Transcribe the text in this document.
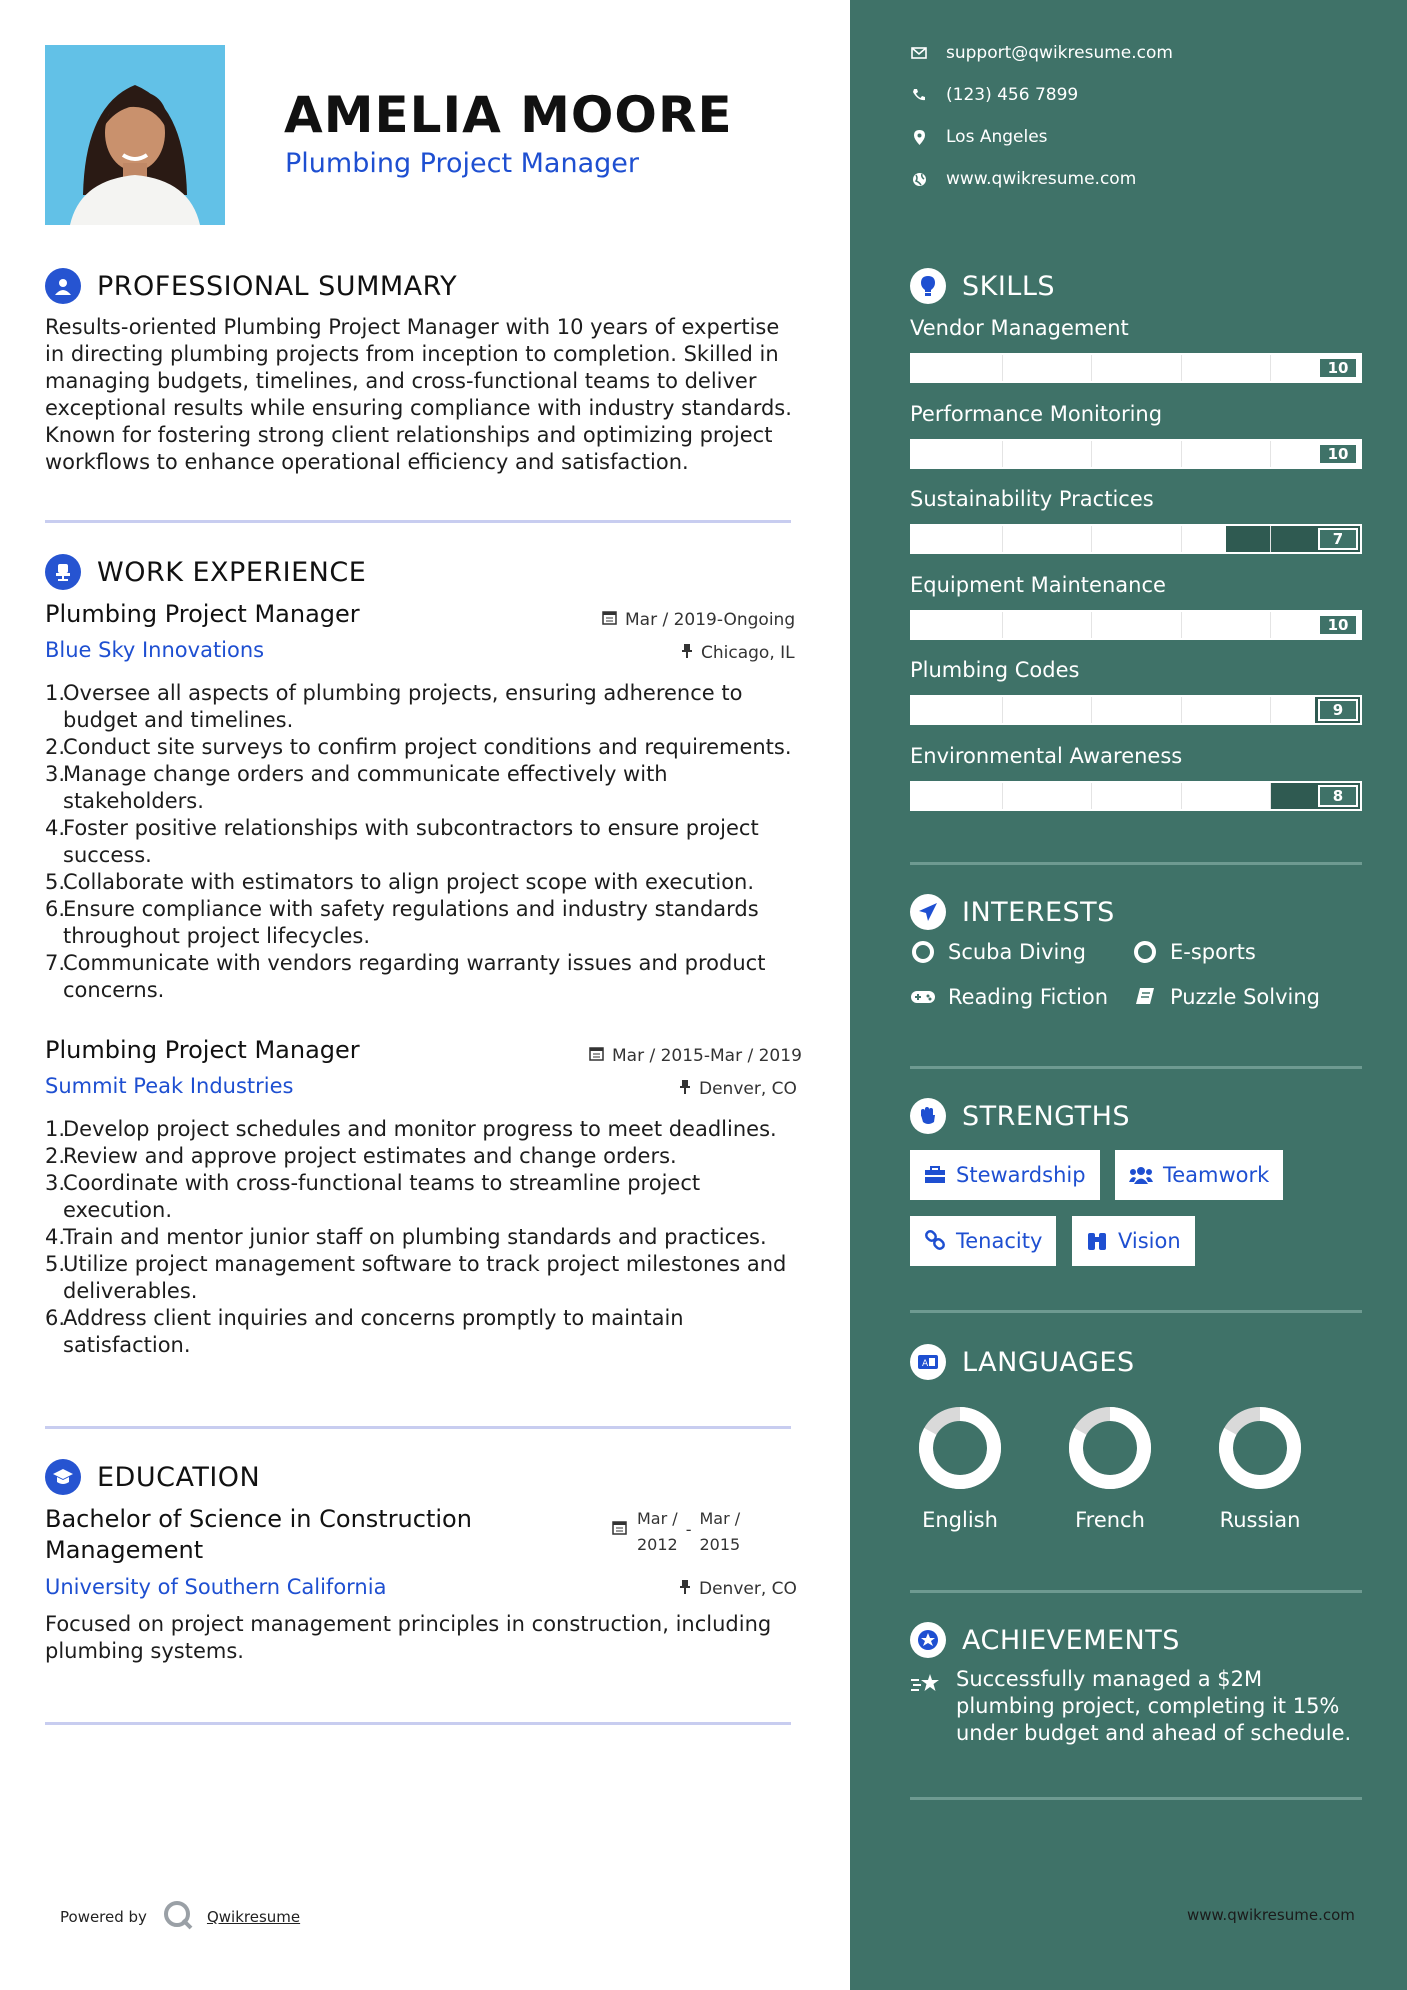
AMELIA MOORE
Plumbing Project Manager
PROFESSIONAL SUMMARY
Results-oriented Plumbing Project Manager with 10 years of expertise in directing plumbing projects from inception to completion. Skilled in managing budgets, timelines, and cross-functional teams to deliver exceptional results while ensuring compliance with industry standards. Known for fostering strong client relationships and optimizing project workflows to enhance operational efficiency and satisfaction.
WORK EXPERIENCE
Plumbing Project Manager	Mar / 2019-Ongoing
Blue Sky Innovations	Chicago, IL
1.
Oversee all aspects of plumbing projects, ensuring adherence to budget and timelines.
2.
Conduct site surveys to confirm project conditions and requirements.
3.
Manage change orders and communicate effectively with stakeholders.
4.
Foster positive relationships with subcontractors to ensure project success.
5.
Collaborate with estimators to align project scope with execution.
6.
Ensure compliance with safety regulations and industry standards throughout project lifecycles.
7.
Communicate with vendors regarding warranty issues and product concerns.
Plumbing Project Manager	Mar / 2015-Mar / 2019
Summit Peak Industries	Denver, CO
1.
Develop project schedules and monitor progress to meet deadlines.
2.
Review and approve project estimates and change orders.
3.
Coordinate with cross-functional teams to streamline project execution.
4.
Train and mentor junior staff on plumbing standards and practices.
5.
Utilize project management software to track project milestones and deliverables.
6.
Address client inquiries and concerns promptly to maintain satisfaction.
EDUCATION
Bachelor of Science in Construction Management
Mar /
2012
-
Mar /
2015
University of Southern California	Denver, CO
Focused on project management principles in construction, including plumbing systems.
Powered by	Qwikresume
support@qwikresume.com
(123) 456 7899
Los Angeles
www.qwikresume.com
SKILLS
Vendor Management
10
Performance Monitoring
10
Sustainability Practices
7
Equipment Maintenance
10
Plumbing Codes
9
Environmental Awareness
8
INTERESTS
Scuba Diving	E-sports
Reading Fiction	Puzzle Solving
STRENGTHS
Stewardship	Teamwork
Tenacity	Vision
A LANGUAGES
English	French	Russian
ACHIEVEMENTS
Successfully managed a $2M plumbing project, completing it 15% under budget and ahead of schedule.
www.qwikresume.com
